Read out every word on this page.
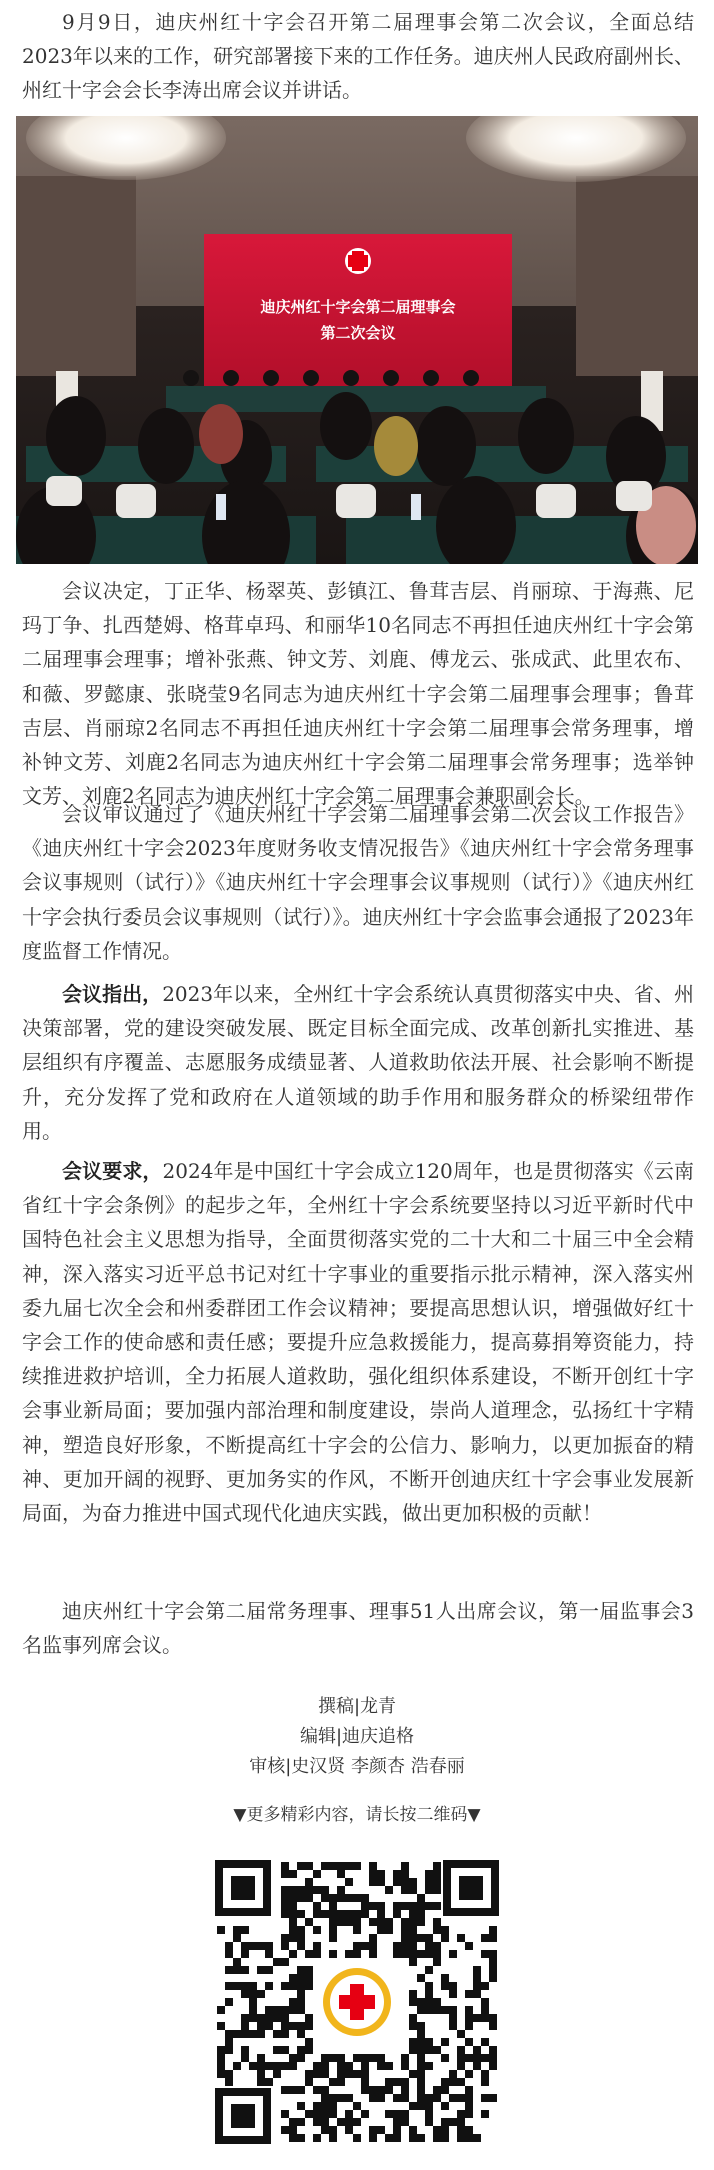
9月9日，迪庆州红十字会召开第二届理事会第二次会议，全面总结2023年以来的工作，研究部署接下来的工作任务。迪庆州人民政府副州长、州红十字会会长李涛出席会议并讲话。

迪庆州红十字会第二届理事会
第二次会议

会议决定，丁正华、杨翠英、彭镇江、鲁茸吉层、肖丽琼、于海燕、尼玛丁争、扎西楚姆、格茸卓玛、和丽华10名同志不再担任迪庆州红十字会第二届理事会理事；增补张燕、钟文芳、刘鹿、傅龙云、张成武、此里农布、和薇、罗懿康、张晓莹9名同志为迪庆州红十字会第二届理事会理事；鲁茸吉层、肖丽琼2名同志不再担任迪庆州红十字会第二届理事会常务理事，增补钟文芳、刘鹿2名同志为迪庆州红十字会第二届理事会常务理事；选举钟文芳、刘鹿2名同志为迪庆州红十字会第二届理事会兼职副会长。

会议审议通过了《迪庆州红十字会第二届理事会第二次会议工作报告》《迪庆州红十字会2023年度财务收支情况报告》《迪庆州红十字会常务理事会议事规则（试行）》《迪庆州红十字会理事会议事规则（试行）》《迪庆州红十字会执行委员会议事规则（试行）》。迪庆州红十字会监事会通报了2023年度监督工作情况。

会议指出，2023年以来，全州红十字会系统认真贯彻落实中央、省、州决策部署，党的建设突破发展、既定目标全面完成、改革创新扎实推进、基层组织有序覆盖、志愿服务成绩显著、人道救助依法开展、社会影响不断提升，充分发挥了党和政府在人道领域的助手作用和服务群众的桥梁纽带作用。

会议要求，2024年是中国红十字会成立120周年，也是贯彻落实《云南省红十字会条例》的起步之年，全州红十字会系统要坚持以习近平新时代中国特色社会主义思想为指导，全面贯彻落实党的二十大和二十届三中全会精神，深入落实习近平总书记对红十字事业的重要指示批示精神，深入落实州委九届七次全会和州委群团工作会议精神；要提高思想认识，增强做好红十字会工作的使命感和责任感；要提升应急救援能力，提高募捐筹资能力，持续推进救护培训，全力拓展人道救助，强化组织体系建设，不断开创红十字会事业新局面；要加强内部治理和制度建设，崇尚人道理念，弘扬红十字精神，塑造良好形象，不断提高红十字会的公信力、影响力，以更加振奋的精神、更加开阔的视野、更加务实的作风，不断开创迪庆红十字会事业发展新局面，为奋力推进中国式现代化迪庆实践，做出更加积极的贡献！

迪庆州红十字会第二届常务理事、理事51人出席会议，第一届监事会3名监事列席会议。

撰稿|龙青

编辑|迪庆追格

审核|史汉贤 李颜杏 浩春丽

▼更多精彩内容，请长按二维码▼
